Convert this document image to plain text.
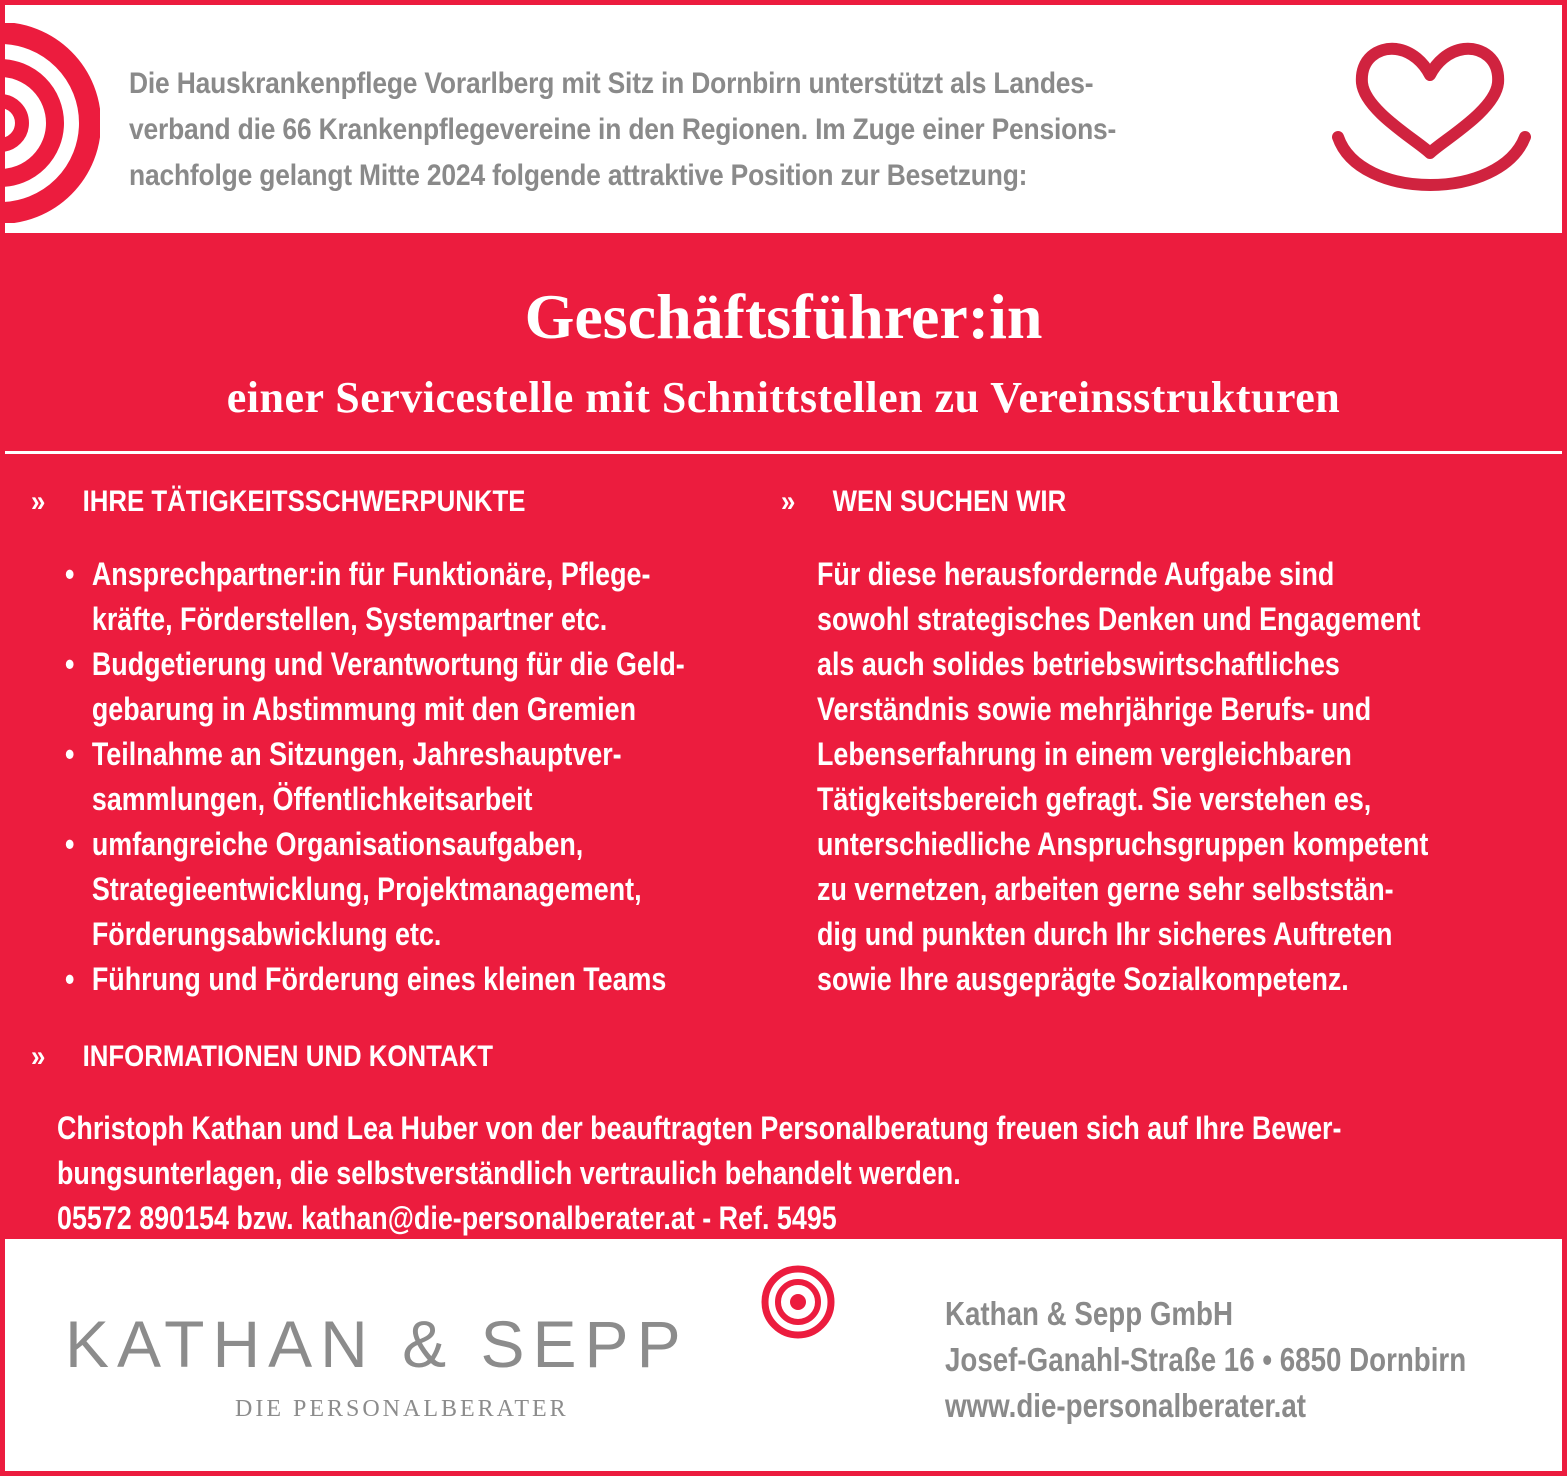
Die Hauskrankenpflege Vorarlberg mit Sitz in Dornbirn unterstützt als Landes-

verband die 66 Krankenpflegevereine in den Regionen. Im Zuge einer Pensions-

nachfolge gelangt Mitte 2024 folgende attraktive Position zur Besetzung:

Geschäftsführer:in
einer Servicestelle mit Schnittstellen zu Vereinsstrukturen
» IHRE TÄTIGKEITSSCHWERPUNKTE	» WEN SUCHEN WIR
• Ansprechpartner:in für Funktionäre, Pflege-
kräfte, Förderstellen, Systempartner etc.
• Budgetierung und Verantwortung für die Geld-
gebarung in Abstimmung mit den Gremien
• Teilnahme an Sitzungen, Jahreshauptver-
sammlungen, Öffentlichkeitsarbeit
• umfangreiche Organisationsaufgaben,
Strategieentwicklung, Projektmanagement,
Förderungsabwicklung etc.
• Führung und Förderung eines kleinen Teams
Für diese herausfordernde Aufgabe sind
sowohl strategisches Denken und Engagement
als auch solides betriebswirtschaftliches
Verständnis sowie mehrjährige Berufs- und
Lebenserfahrung in einem vergleichbaren
Tätigkeitsbereich gefragt. Sie verstehen es,
unterschiedliche Anspruchsgruppen kompetent
zu vernetzen, arbeiten gerne sehr selbststän-
dig und punkten durch Ihr sicheres Auftreten
sowie Ihre ausgeprägte Sozialkompetenz.
» INFORMATIONEN UND KONTAKT
Christoph Kathan und Lea Huber von der beauftragten Personalberatung freuen sich auf Ihre Bewer-
bungsunterlagen, die selbstverständlich vertraulich behandelt werden.
05572 890154 bzw. kathan@die-personalberater.at - Ref. 5495
KATHAN & SEPP
DIE PERSONALBERATER
Kathan & Sepp GmbH
Josef-Ganahl-Straße 16 • 6850 Dornbirn
www.die-personalberater.at
